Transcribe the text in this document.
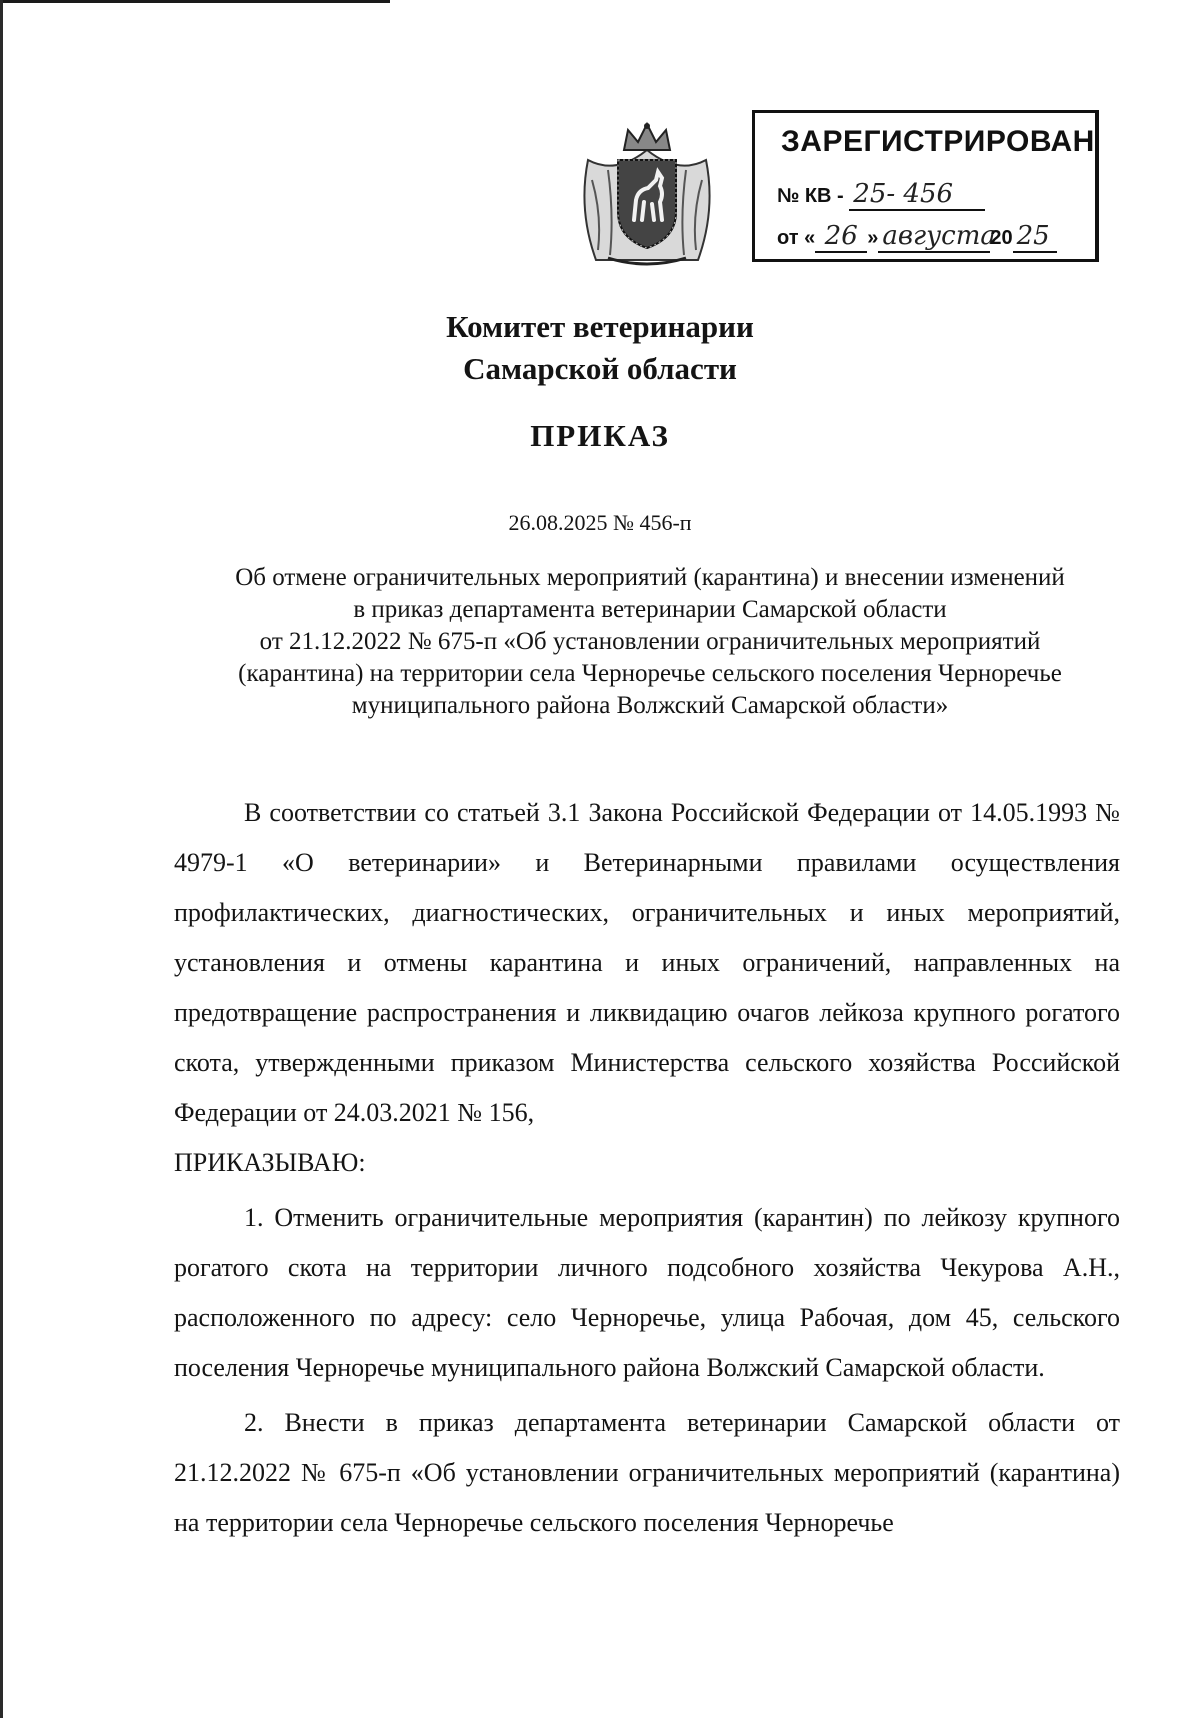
ЗАРЕГИСТРИРОВАН
№ КВ - 25- 456
от « 26 » августа20 25
Комитет ветеринарии
Самарской области
ПРИКАЗ
26.08.2025 № 456-п
Об отмене ограничительных мероприятий (карантина) и внесении изменений
в приказ департамента ветеринарии Самарской области
от 21.12.2022 № 675-п «Об установлении ограничительных мероприятий
(карантина) на территории села Черноречье сельского поселения Черноречье
муниципального района Волжский Самарской области»

В соответствии со статьей 3.1 Закона Российской Федерации от 14.05.1993 № 4979-1 «О ветеринарии» и Ветеринарными правилами осуществления профилактических, диагностических, ограничительных и иных мероприятий, установления и отмены карантина и иных ограничений, направленных на предотвращение распространения и ликвидацию очагов лейкоза крупного рогатого скота, утвержденными приказом Министерства сельского хозяйства Российской Федерации от 24.03.2021 № 156,

ПРИКАЗЫВАЮ:

1. Отменить ограничительные мероприятия (карантин) по лейкозу крупного рогатого скота на территории личного подсобного хозяйства Чекурова А.Н., расположенного по адресу: село Черноречье, улица Рабочая, дом 45, сельского поселения Черноречье муниципального района Волжский Самарской области.

2. Внести в приказ департамента ветеринарии Самарской области от 21.12.2022 № 675-п «Об установлении ограничительных мероприятий (карантина) на территории села Черноречье сельского поселения Черноречье
